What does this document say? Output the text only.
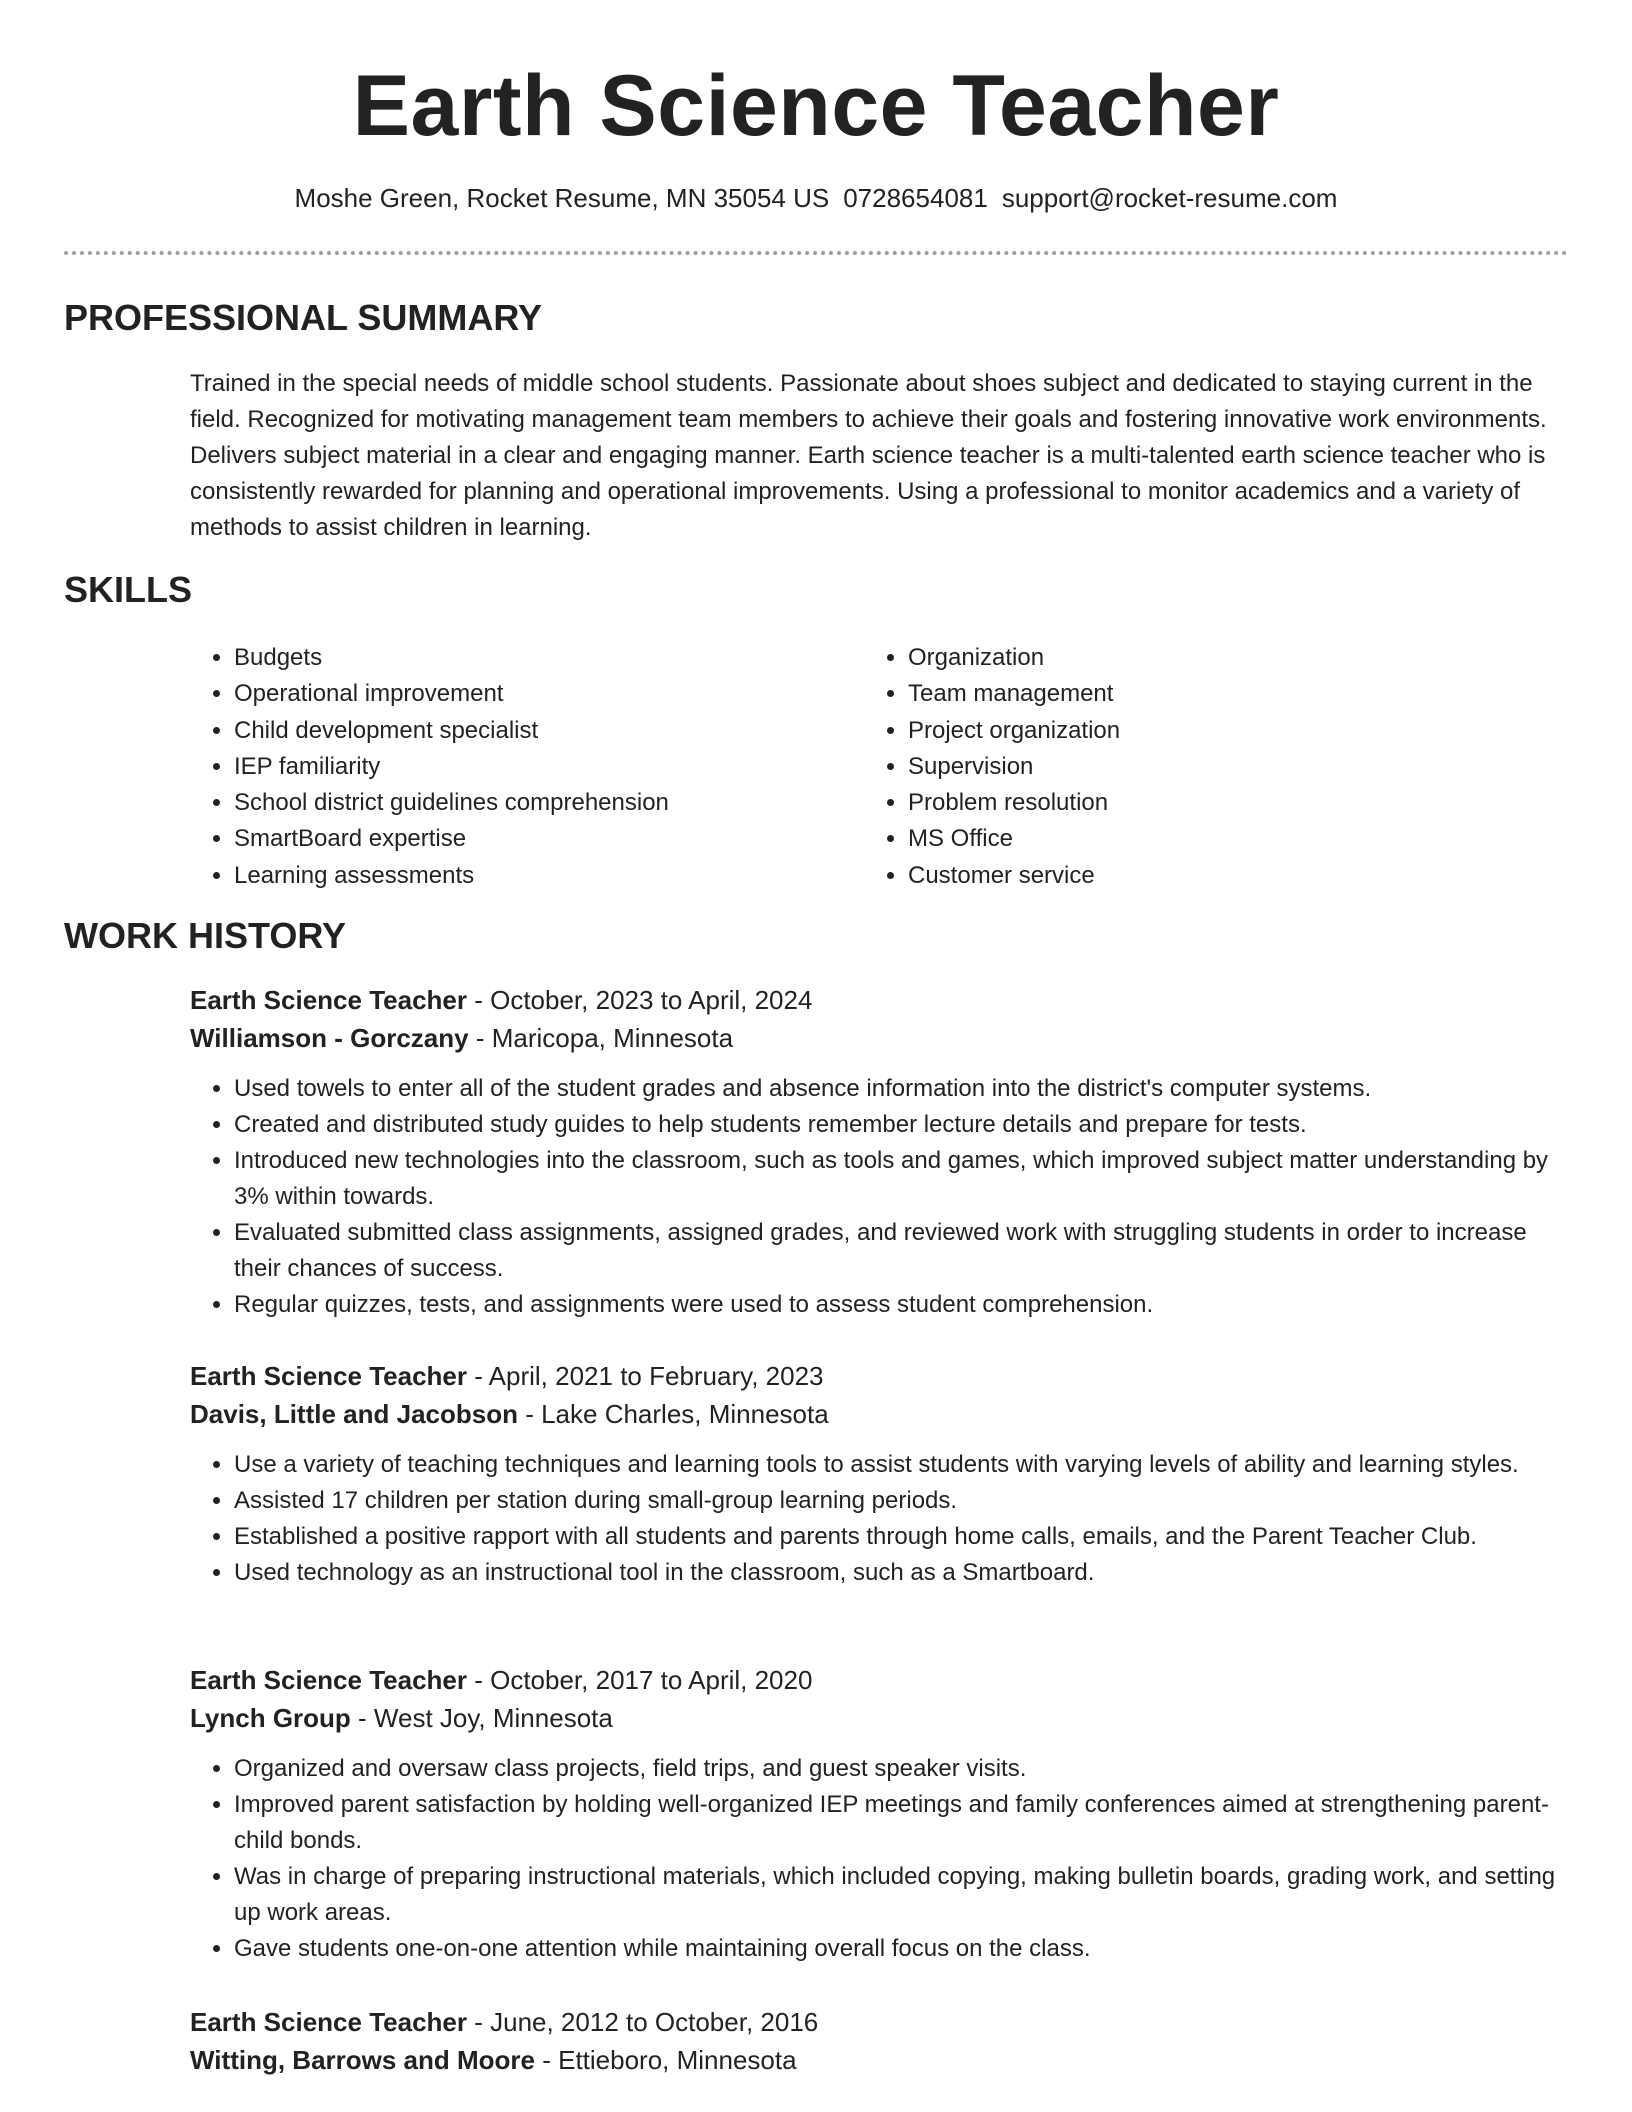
Earth Science Teacher
Moshe Green, Rocket Resume, MN 35054 US 0728654081 support@rocket-resume.com
PROFESSIONAL SUMMARY

Trained in the special needs of middle school students. Passionate about shoes subject and dedicated to staying current in the field. Recognized for motivating management team members to achieve their goals and fostering innovative work environments. Delivers subject material in a clear and engaging manner. Earth science teacher is a multi-talented earth science teacher who is consistently rewarded for planning and operational improvements. Using a professional to monitor academics and a variety of methods to assist children in learning.

SKILLS
• Budgets
• Operational improvement
• Child development specialist
• IEP familiarity
• School district guidelines comprehension
• SmartBoard expertise
• Learning assessments
• Organization
• Team management
• Project organization
• Supervision
• Problem resolution
• MS Office
• Customer service
WORK HISTORY
Earth Science Teacher - October, 2023 to April, 2024
Williamson - Gorczany - Maricopa, Minnesota
• Used towels to enter all of the student grades and absence information into the district's computer systems.
• Created and distributed study guides to help students remember lecture details and prepare for tests.
• Introduced new technologies into the classroom, such as tools and games, which improved subject matter understanding by 3% within towards.
• Evaluated submitted class assignments, assigned grades, and reviewed work with struggling students in order to increase their chances of success.
• Regular quizzes, tests, and assignments were used to assess student comprehension.
Earth Science Teacher - April, 2021 to February, 2023
Davis, Little and Jacobson - Lake Charles, Minnesota
• Use a variety of teaching techniques and learning tools to assist students with varying levels of ability and learning styles.
• Assisted 17 children per station during small-group learning periods.
• Established a positive rapport with all students and parents through home calls, emails, and the Parent Teacher Club.
• Used technology as an instructional tool in the classroom, such as a Smartboard.
Earth Science Teacher - October, 2017 to April, 2020
Lynch Group - West Joy, Minnesota
• Organized and oversaw class projects, field trips, and guest speaker visits.
• Improved parent satisfaction by holding well-organized IEP meetings and family conferences aimed at strengthening parent-child bonds.
• Was in charge of preparing instructional materials, which included copying, making bulletin boards, grading work, and setting up work areas.
• Gave students one-on-one attention while maintaining overall focus on the class.
Earth Science Teacher - June, 2012 to October, 2016
Witting, Barrows and Moore - Ettieboro, Minnesota
